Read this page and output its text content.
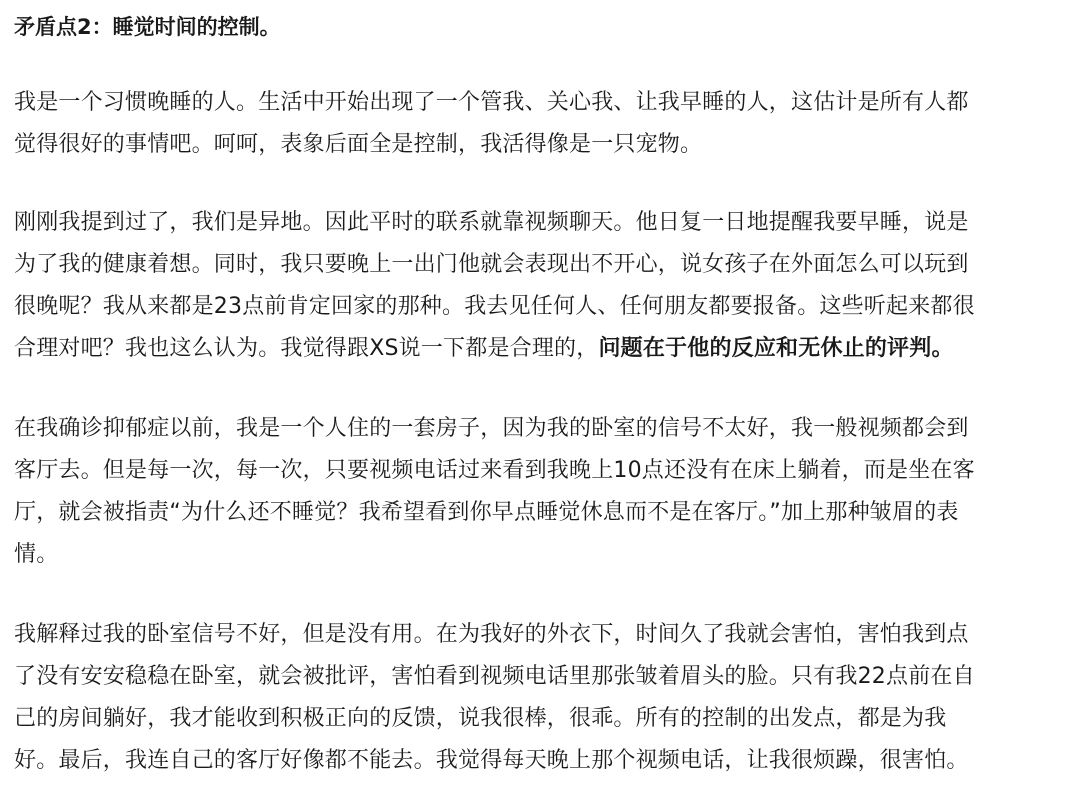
矛盾点2：睡觉时间的控制。
我是一个习惯晚睡的人。生活中开始出现了一个管我、关心我、让我早睡的人，这估计是所有人都
觉得很好的事情吧。呵呵，表象后面全是控制，我活得像是一只宠物。
刚刚我提到过了，我们是异地。因此平时的联系就靠视频聊天。他日复一日地提醒我要早睡，说是
为了我的健康着想。同时，我只要晚上一出门他就会表现出不开心，说女孩子在外面怎么可以玩到
很晚呢？我从来都是23点前肯定回家的那种。我去见任何人、任何朋友都要报备。这些听起来都很
合理对吧？我也这么认为。我觉得跟XS说一下都是合理的，问题在于他的反应和无休止的评判。
在我确诊抑郁症以前，我是一个人住的一套房子，因为我的卧室的信号不太好，我一般视频都会到
客厅去。但是每一次，每一次，只要视频电话过来看到我晚上10点还没有在床上躺着，而是坐在客
厅，就会被指责“为什么还不睡觉？我希望看到你早点睡觉休息而不是在客厅。”加上那种皱眉的表
情。
我解释过我的卧室信号不好，但是没有用。在为我好的外衣下，时间久了我就会害怕，害怕我到点
了没有安安稳稳在卧室，就会被批评，害怕看到视频电话里那张皱着眉头的脸。只有我22点前在自
己的房间躺好，我才能收到积极正向的反馈，说我很棒，很乖。所有的控制的出发点，都是为我
好。最后，我连自己的客厅好像都不能去。我觉得每天晚上那个视频电话，让我很烦躁，很害怕。
